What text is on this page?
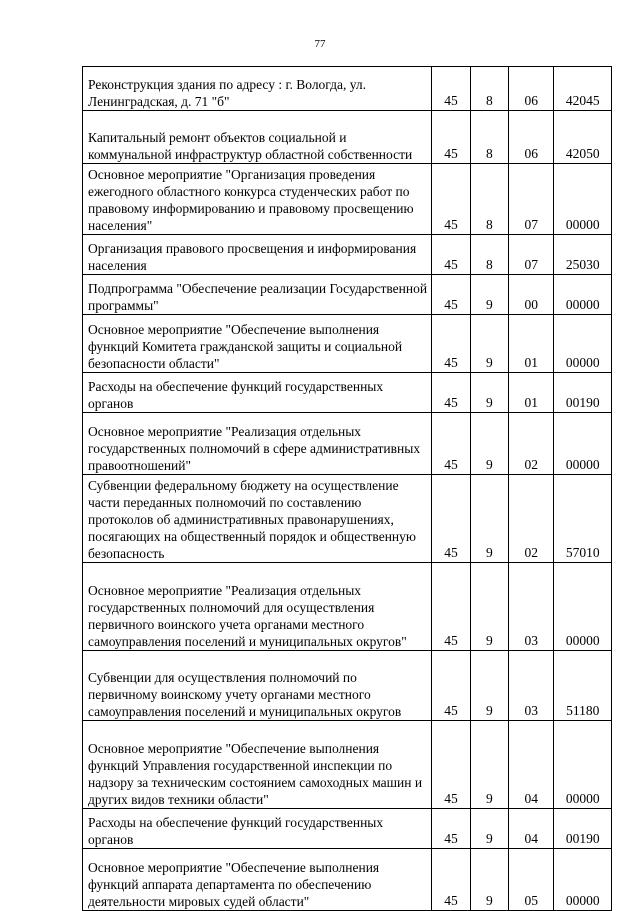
77
Реконструкция здания по адресу : г. Вологда, ул. Ленинградская, д. 71 "б"	45	8	06	42045
Капитальный ремонт объектов социальной и коммунальной инфраструктур областной собственности	45	8	06	42050
Основное мероприятие "Организация проведения ежегодного областного конкурса студенческих работ по правовому информированию и правовому просвещению населения"	45	8	07	00000
Организация правового просвещения и информирования населения	45	8	07	25030
Подпрограмма "Обеспечение реализации Государственной программы"	45	9	00	00000
Основное мероприятие "Обеспечение выполнения функций Комитета гражданской защиты и социальной безопасности области"	45	9	01	00000
Расходы на обеспечение функций государственных органов	45	9	01	00190
Основное мероприятие "Реализация отдельных государственных полномочий в сфере административных правоотношений"	45	9	02	00000
Субвенции федеральному бюджету на осуществление части переданных полномочий по составлению протоколов об административных правонарушениях, посягающих на общественный порядок и общественную безопасность	45	9	02	57010
Основное мероприятие "Реализация отдельных государственных полномочий для осуществления первичного воинского учета органами местного самоуправления поселений и муниципальных округов"	45	9	03	00000
Субвенции для осуществления полномочий по первичному воинскому учету органами местного самоуправления поселений и муниципальных округов	45	9	03	51180
Основное мероприятие "Обеспечение выполнения функций Управления государственной инспекции по надзору за техническим состоянием самоходных машин и других видов техники области"	45	9	04	00000
Расходы на обеспечение функций государственных органов	45	9	04	00190
Основное мероприятие "Обеспечение выполнения функций аппарата департамента по обеспечению деятельности мировых судей области"	45	9	05	00000
